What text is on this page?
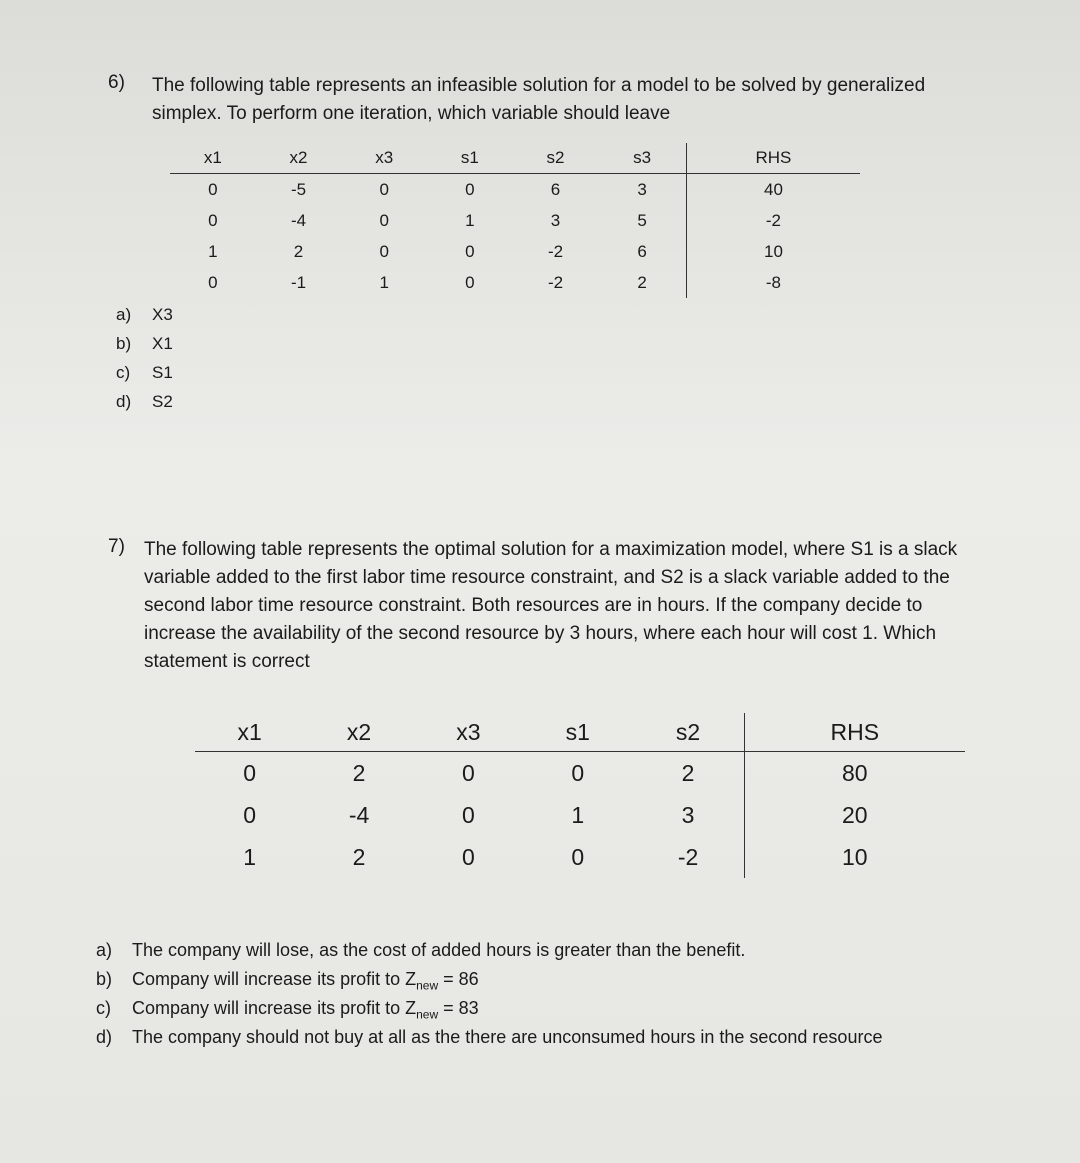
6) The following table represents an infeasible solution for a model to be solved by generalized simplex. To perform one iteration, which variable should leave

x1	x2	x3	s1	s2	s3	RHS
0	-5	0	0	6	3	40
0	-4	0	1	3	5	-2
1	2	0	0	-2	6	10
0	-1	1	0	-2	2	-8
a)	X3
b)	X1
c)	S1
d)	S2
7) The following table represents the optimal solution for a maximization model, where S1 is a slack variable added to the first labor time resource constraint, and S2 is a slack variable added to the second labor time resource constraint. Both resources are in hours. If the company decide to increase the availability of the second resource by 3 hours, where each hour will cost 1. Which statement is correct

x1	x2	x3	s1	s2	RHS
0	2	0	0	2	80
0	-4	0	1	3	20
1	2	0	0	-2	10
a)	The company will lose, as the cost of added hours is greater than the benefit.
b)	Company will increase its profit to $Z_{new} = 86$
c)	Company will increase its profit to $Z_{new} = 83$
d)	The company should not buy at all as the there are unconsumed hours in the second resource
